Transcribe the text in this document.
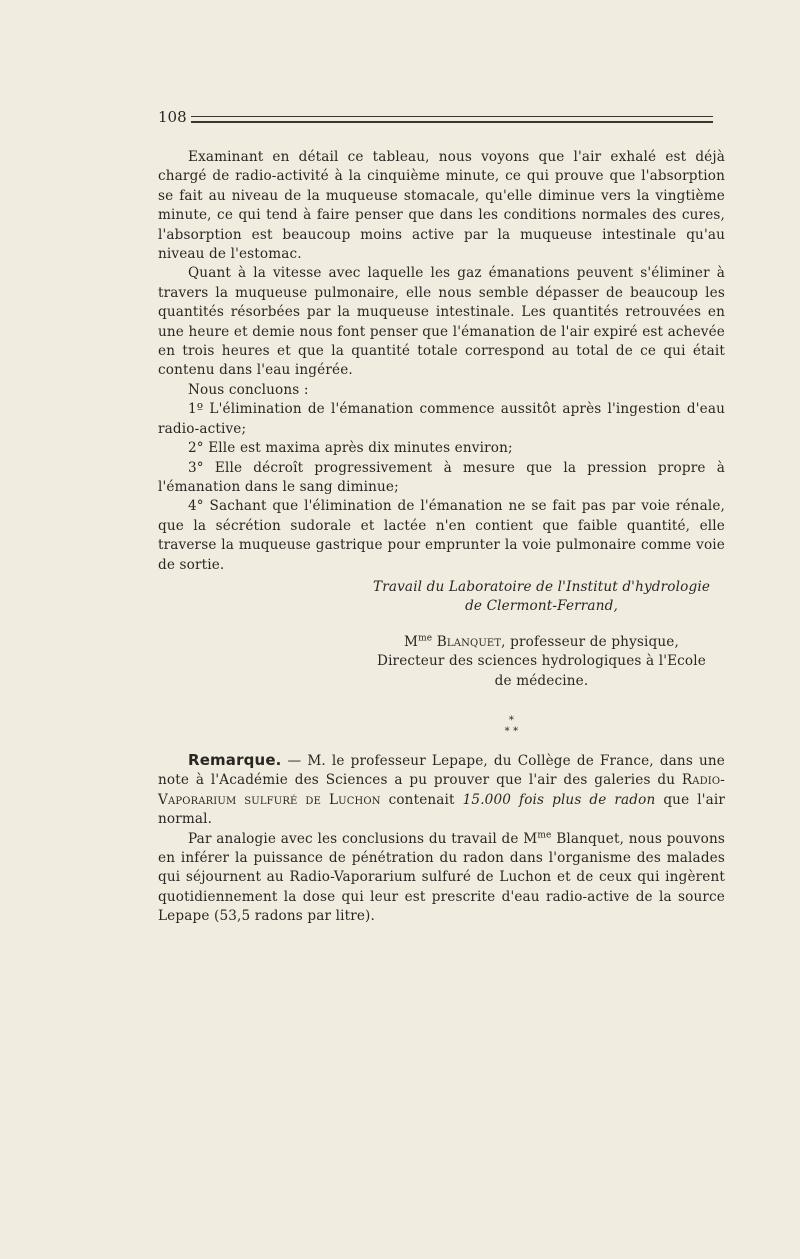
108

Examinant en détail ce tableau, nous voyons que l'air exhalé est déjà chargé de radio-activité à la cinquième minute, ce qui prouve que l'absorption se fait au niveau de la muqueuse stomacale, qu'elle diminue vers la vingtième minute, ce qui tend à faire penser que dans les conditions normales des cures, l'absorption est beaucoup moins active par la muqueuse intestinale qu'au niveau de l'estomac.

Quant à la vitesse avec laquelle les gaz émanations peuvent s'éliminer à travers la muqueuse pulmonaire, elle nous semble dépasser de beaucoup les quantités résorbées par la muqueuse intestinale. Les quantités retrouvées en une heure et demie nous font penser que l'émanation de l'air expiré est achevée en trois heures et que la quantité totale correspond au total de ce qui était contenu dans l'eau ingérée.

Nous concluons :

1º L'élimination de l'émanation commence aussitôt après l'ingestion d'eau radio-active;

2° Elle est maxima après dix minutes environ;

3° Elle décroît progressivement à mesure que la pression propre à l'émanation dans le sang diminue;

4° Sachant que l'élimination de l'émanation ne se fait pas par voie rénale, que la sécrétion sudorale et lactée n'en contient que faible quantité, elle traverse la muqueuse gastrique pour emprunter la voie pulmonaire comme voie de sortie.

Travail du Laboratoire de l'Institut d'hydrologie
de Clermont-Ferrand,
$M^{me}$ Blanquet, professeur de physique,
Directeur des sciences hydrologiques à l'Ecole
de médecine.
*
* *

Remarque. — M. le professeur Lepape, du Collège de France, dans une note à l'Académie des Sciences a pu prouver que l'air des galeries du Radio-Vaporarium sulfuré de Luchon contenait 15.000 fois plus de radon que l'air normal.

Par analogie avec les conclusions du travail de $M^{me}$ Blanquet, nous pouvons en inférer la puissance de pénétration du radon dans l'organisme des malades qui séjournent au Radio-Vaporarium sulfuré de Luchon et de ceux qui ingèrent quotidiennement la dose qui leur est prescrite d'eau radio-active de la source Lepape (53,5 radons par litre).
